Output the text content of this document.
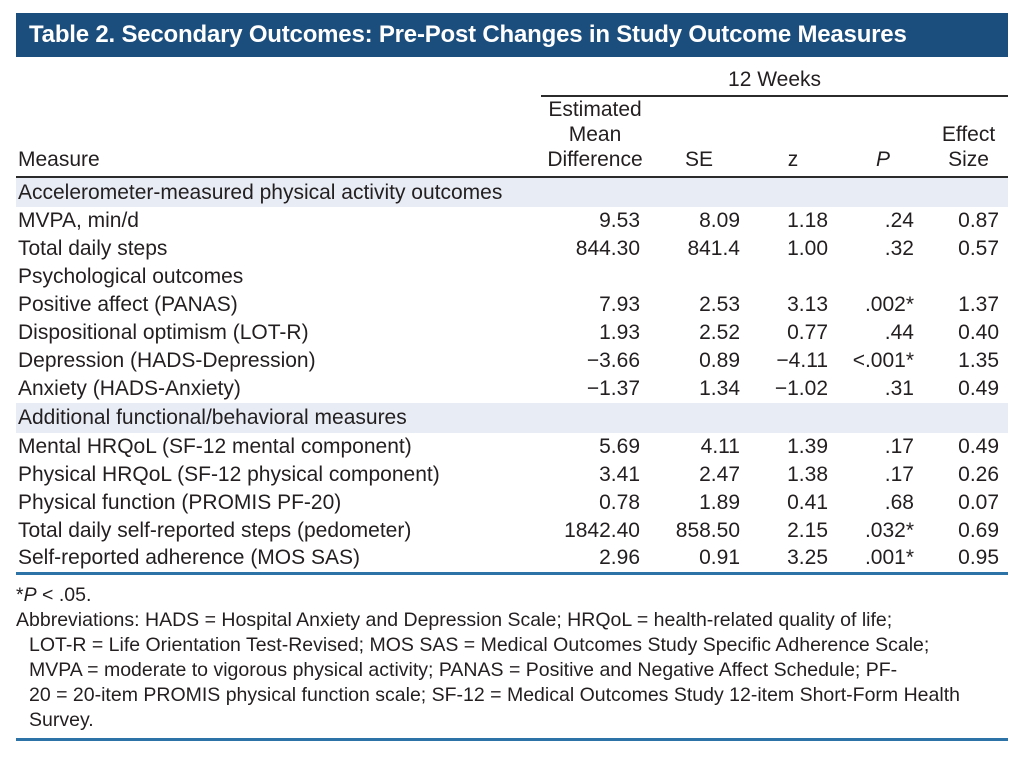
Table 2. Secondary Outcomes: Pre-Post Changes in Study Outcome Measures
	12 Weeks				
Measure	Estimated Mean Difference	SE	z	P	Effect Size
Accelerometer-measured physical activity outcomes					
MVPA, min/d	9.53	8.09	1.18	.24	0.87
Total daily steps	844.30	841.4	1.00	.32	0.57
Psychological outcomes					
Positive affect (PANAS)	7.93	2.53	3.13	.002*	1.37
Dispositional optimism (LOT-R)	1.93	2.52	0.77	.44	0.40
Depression (HADS-Depression)	−3.66	0.89	−4.11	<.001*	1.35
Anxiety (HADS-Anxiety)	−1.37	1.34	−1.02	.31	0.49
Additional functional/behavioral measures					
Mental HRQoL (SF-12 mental component)	5.69	4.11	1.39	.17	0.49
Physical HRQoL (SF-12 physical component)	3.41	2.47	1.38	.17	0.26
Physical function (PROMIS PF-20)	0.78	1.89	0.41	.68	0.07
Total daily self-reported steps (pedometer)	1842.40	858.50	2.15	.032*	0.69
Self-reported adherence (MOS SAS)	2.96	0.91	3.25	.001*	0.95
*P < .05.
Abbreviations: HADS = Hospital Anxiety and Depression Scale; HRQoL = health-related quality of life;
LOT-R = Life Orientation Test-Revised; MOS SAS = Medical Outcomes Study Specific Adherence Scale;
MVPA = moderate to vigorous physical activity; PANAS = Positive and Negative Affect Schedule; PF-
20 = 20-item PROMIS physical function scale; SF-12 = Medical Outcomes Study 12-item Short-Form Health
Survey.
